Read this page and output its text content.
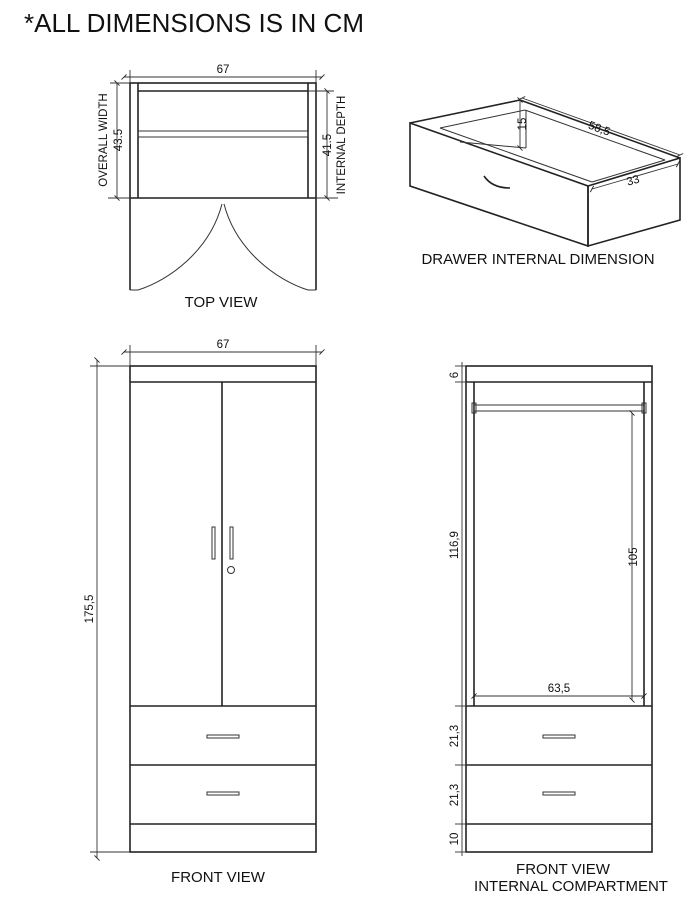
*ALL DIMENSIONS IS IN CM
67
43.5
OVERALL WIDTH	41.5 INTERNAL DEPTH
TOP VIEW
15	58,5
33
DRAWER INTERNAL DIMENSION
67
175,5
FRONT VIEW
105
63,5
6
116,9
21,3
21,3
10
FRONT VIEW
INTERNAL COMPARTMENT
